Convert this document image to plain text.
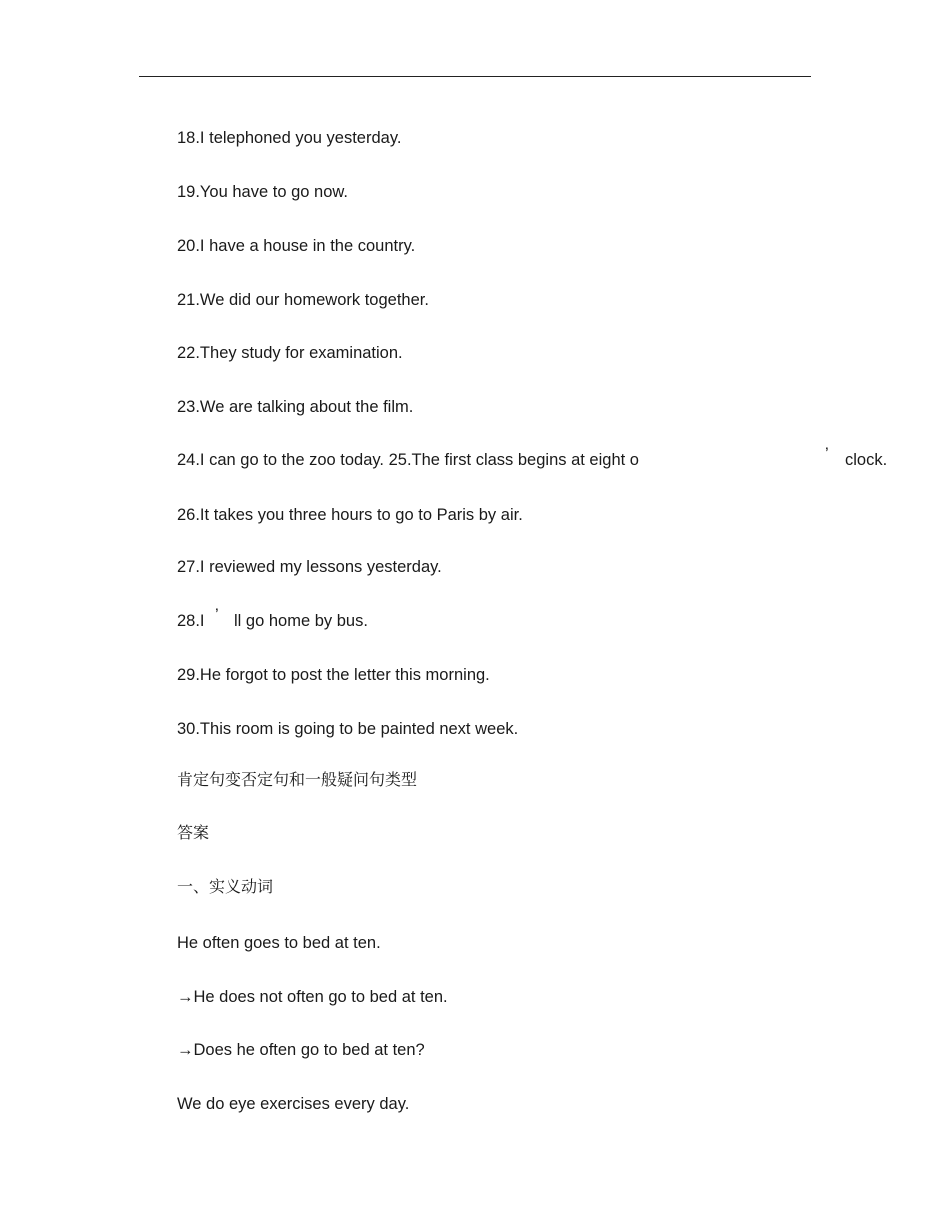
18.I telephoned you yesterday.
19.You have to go now.
20.I have a house in the country.
21.We did our homework together.
22.They study for examination.
23.We are talking about the film.
24.I can go to the zoo today. 25.The first class begins at eight o	’ clock.
26.It takes you three hours to go to Paris by air.
27.I reviewed my lessons yesterday.
28.I ’ ll go home by bus.
29.He forgot to post the letter this morning.
30.This room is going to be painted next week.
肯定句变否定句和一般疑问句类型
答案
一、实义动词
He often goes to bed at ten.
→He does not often go to bed at ten.
→Does he often go to bed at ten?
We do eye exercises every day.
